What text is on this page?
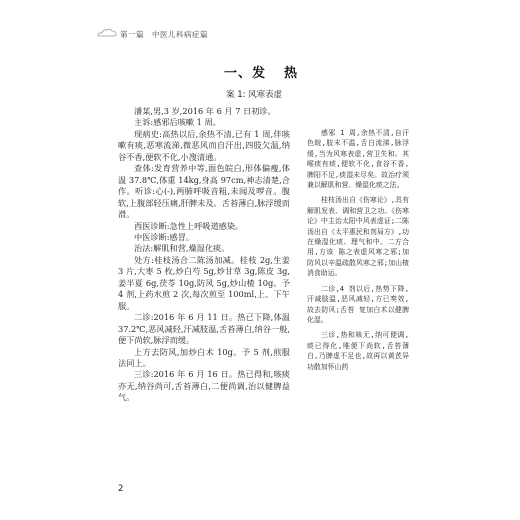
第一篇 中医儿科病症篇
一、发 热
案 1: 风寒表虚

潘某,男,3 岁,2016 年 6 月 7 日初诊。

主诉:感邪后咳嗽 1 周。

现病史:高热以后,余热不清,已有 1 周,伴咳嗽有痰,恶寒流涕,微恶风而自汗出,四肢欠温,纳谷不香,便软不化,小溲清通。

查体:发育营养中等,面色皖白,形体偏瘦,体温 37.8℃,体重 14kg,身高 97cm,神志清楚,合作。听诊:心(-),两肺呼吸音粗,未闻及啰音。腹软,上腹部轻压痛,肝脾未及。舌苔薄白,脉浮缓而滑。

西医诊断:急性上呼吸道感染。

中医诊断:感冒。

治法:解肌和营,燥湿化痰。

处方:桂枝汤合二陈汤加减。桂枝 2g,生姜 3 片,大枣 5 枚,炒白芍 5g,炒甘草 3g,陈皮 3g,姜半夏 6g,茯苓 10g,防风 5g,炒山楂 10g。予 4 剂,上药水煎 2 次,每次煎至 100ml,上、下午服。

二诊:2016 年 6 月 11 日。热已下降,体温 37.2℃,恶风减轻,汗减肢温,舌苔薄白,纳谷一般,便下尚软,脉浮而缓。

上方去防风,加炒白术 10g。予 5 剂,煎服法同上。

三诊:2016 年 6 月 16 日。热已得和,咳痰亦无,纳谷尚可,舌苔薄白,二便尚调,治以健脾益气。

感邪 1 周,余热不清,自汗色皖,肢末不温,舌白流涕,脉浮缓,当为风寒表虚,营卫失和。其喉痰有痰,便软不化,食谷不香,脾阳不足,痰湿未尽矣。故治疗须兼以解肌和营、燥湿化痰之法。

桂枝汤出自《伤寒论》,具有解肌发表、调和营卫之功。《伤寒论》中主治太阳中风表虚证;二陈汤出自《太平惠民和剂局方》,功在燥湿化痰、理气和中。二方合用,方该 陈之表虚风寒之邪;加防风以辛温疏散风寒之邪;加山楂消食助运。

二诊,4 剂以后,热势下降,汗减肢温,恶风减轻,方已奏效,故去防风;舌苔 复加白术以健脾化湿。

三诊,热和咳无,纳可便调,痰已得化,唯便下尚软,舌苔薄白,乃脾虚不足也,故再以黄芪异功散加怀山药

2
